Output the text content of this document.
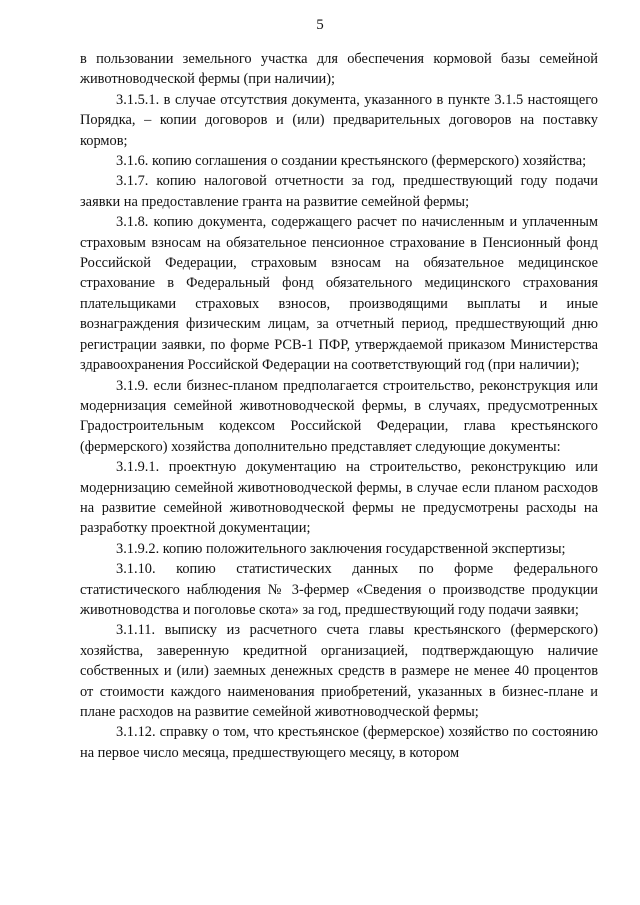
5

в пользовании земельного участка для обеспечения кормовой базы семейной животноводческой фермы (при наличии);

3.1.5.1. в случае отсутствия документа, указанного в пункте 3.1.5 настоящего Порядка, – копии договоров и (или) предварительных договоров на поставку кормов;

3.1.6. копию соглашения о создании крестьянского (фермерского) хозяйства;

3.1.7. копию налоговой отчетности за год, предшествующий году подачи заявки на предоставление гранта на развитие семейной фермы;

3.1.8. копию документа, содержащего расчет по начисленным и уплаченным страховым взносам на обязательное пенсионное страхование в Пенсионный фонд Российской Федерации, страховым взносам на обязательное медицинское страхование в Федеральный фонд обязательного медицинского страхования плательщиками страховых взносов, производящими выплаты и иные вознаграждения физическим лицам, за отчетный период, предшествующий дню регистрации заявки, по форме РСВ-1 ПФР, утверждаемой приказом Министерства здравоохранения Российской Федерации на соответствующий год (при наличии);

3.1.9. если бизнес-планом предполагается строительство, реконструкция или модернизация семейной животноводческой фермы, в случаях, предусмотренных Градостроительным кодексом Российской Федерации, глава крестьянского (фермерского) хозяйства дополнительно представляет следующие документы:

3.1.9.1. проектную документацию на строительство, реконструкцию или модернизацию семейной животноводческой фермы, в случае если планом расходов на развитие семейной животноводческой фермы не предусмотрены расходы на разработку проектной документации;

3.1.9.2. копию положительного заключения государственной экспертизы;

3.1.10. копию статистических данных по форме федерального статистического наблюдения № 3-фермер «Сведения о производстве продукции животноводства и поголовье скота» за год, предшествующий году подачи заявки;

3.1.11. выписку из расчетного счета главы крестьянского (фермерского) хозяйства, заверенную кредитной организацией, подтверждающую наличие собственных и (или) заемных денежных средств в размере не менее 40 процентов от стоимости каждого наименования приобретений, указанных в бизнес-плане и плане расходов на развитие семейной животноводческой фермы;

3.1.12. справку о том, что крестьянское (фермерское) хозяйство по состоянию на первое число месяца, предшествующего месяцу, в котором
